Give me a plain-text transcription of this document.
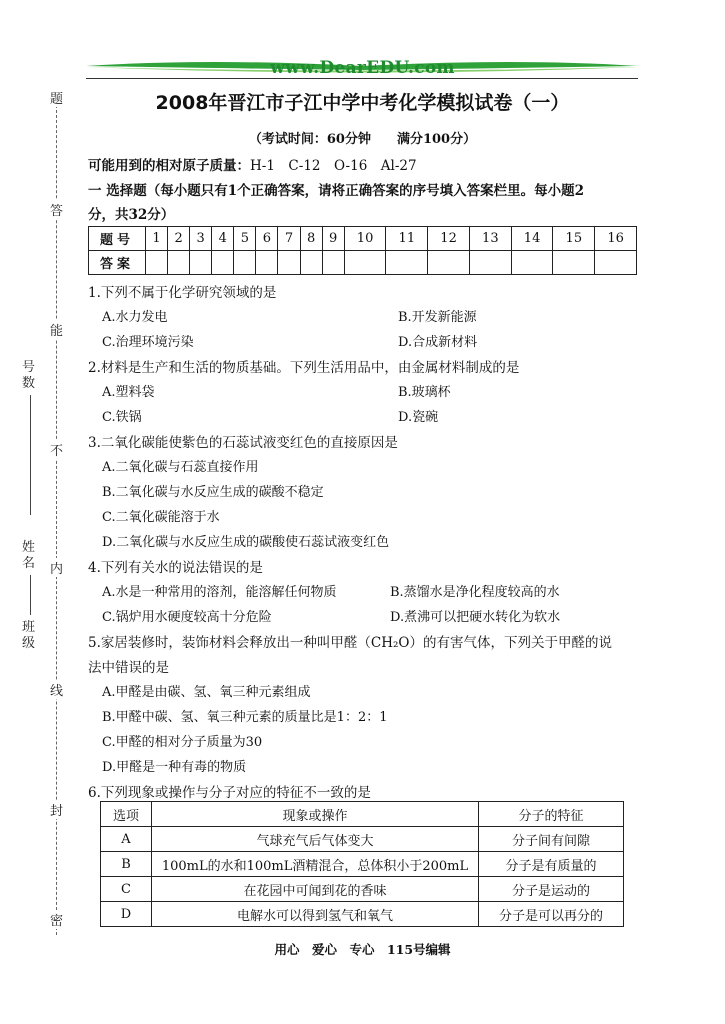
题
答
能
不
内
线
封
密
号数
姓名
班级
www.DearEDU.com
2008年晋江市子江中学中考化学模拟试卷（一）
（考试时间：60分钟　　满分100分）
可能用到的相对原子质量：H-1　C-12　O-16　Al-27
一 选择题（每小题只有1个正确答案，请将正确答案的序号填入答案栏里。每小题2
分，共32分）
题号	1	2	3	4	5	6	7	8	9	10	11	12	13	14	15	16
答案																
1.下列不属于化学研究领域的是
A.水力发电	B.开发新能源
C.治理环境污染	D.合成新材料
2.材料是生产和生活的物质基础。下列生活用品中，由金属材料制成的是
A.塑料袋	B.玻璃杯
C.铁锅	D.瓷碗
3.二氧化碳能使紫色的石蕊试液变红色的直接原因是
A.二氧化碳与石蕊直接作用
B.二氧化碳与水反应生成的碳酸不稳定
C.二氧化碳能溶于水
D.二氧化碳与水反应生成的碳酸使石蕊试液变红色
4.下列有关水的说法错误的是
A.水是一种常用的溶剂，能溶解任何物质	B.蒸馏水是净化程度较高的水
C.锅炉用水硬度较高十分危险	D.煮沸可以把硬水转化为软水
5.家居装修时，装饰材料会释放出一种叫甲醛（CH₂O）的有害气体，下列关于甲醛的说
法中错误的是
A.甲醛是由碳、氢、氧三种元素组成
B.甲醛中碳、氢、氧三种元素的质量比是1：2：1
C.甲醛的相对分子质量为30
D.甲醛是一种有毒的物质
6.下列现象或操作与分子对应的特征不一致的是
选项	现象或操作	分子的特征
A	气球充气后气体变大	分子间有间隙
B	100mL的水和100mL酒精混合，总体积小于200mL	分子是有质量的
C	在花园中可闻到花的香味	分子是运动的
D	电解水可以得到氢气和氧气	分子是可以再分的
用心　爱心　专心　115号编辑
